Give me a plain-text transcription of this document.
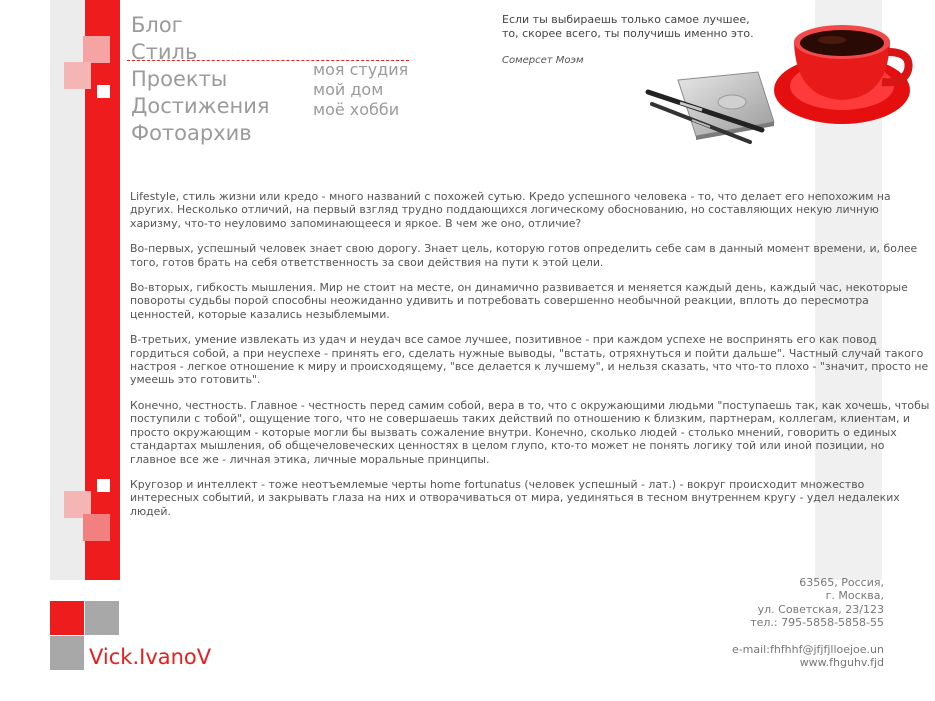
Блог
Стиль
Проекты
Достижения
Фотоархив
моя студия
мой дом
моё хобби
Если ты выбираешь только самое лучшее,
то, скорее всего, ты получишь именно это.
Сомерсет Моэм

Lifestyle, стиль жизни или кредо - много названий с похожей сутью. Кредо успешного человека - то, что делает его непохожим на других. Несколько отличий, на первый взгляд трудно поддающихся логическому обоснованию, но составляющих некую личную харизму, что-то неуловимо запоминающееся и яркое. В чем же оно, отличие?

Во-первых, успешный человек знает свою дорогу. Знает цель, которую готов определить себе сам в данный момент времени, и, более того, готов брать на себя ответственность за свои действия на пути к этой цели.

Во-вторых, гибкость мышления. Мир не стоит на месте, он динамично развивается и меняется каждый день, каждый час, некоторые повороты судьбы порой способны неожиданно удивить и потребовать совершенно необычной реакции, вплоть до пересмотра ценностей, которые казались незыблемыми.

В-третьих, умение извлекать из удач и неудач все самое лучшее, позитивное - при каждом успехе не воспринять его как повод гордиться собой, а при неуспехе - принять его, сделать нужные выводы, "встать, отряхнуться и пойти дальше". Частный случай такого настроя - легкое отношение к миру и происходящему, "все делается к лучшему", и нельзя сказать, что что-то плохо - "значит, просто не умеешь это готовить".

Конечно, честность. Главное - честность перед самим собой, вера в то, что с окружающими людьми "поступаешь так, как хочешь, чтобы поступили с тобой", ощущение того, что не совершаешь таких действий по отношению к близким, партнерам, коллегам, клиентам, и просто окружающим - которые могли бы вызвать сожаление внутри. Конечно, сколько людей - столько мнений, говорить о единых стандартах мышления, об общечеловеческих ценностях в целом глупо, кто-то может не понять логику той или иной позиции, но главное все же - личная этика, личные моральные принципы.

Кругозор и интеллект - тоже неотъемлемые черты home fortunatus (человек успешный - лат.) - вокруг происходит множество интересных событий, и закрывать глаза на них и отворачиваться от мира, уединяться в тесном внутреннем кругу - удел недалеких людей.

63565, Россия,
г. Москва,
ул. Советская, 23/123
тел.: 795-5858-5858-55
e-mail:fhfhhf@jfjfjlloejoe.un
www.fhguhv.fjd
Vick.IvanoV
